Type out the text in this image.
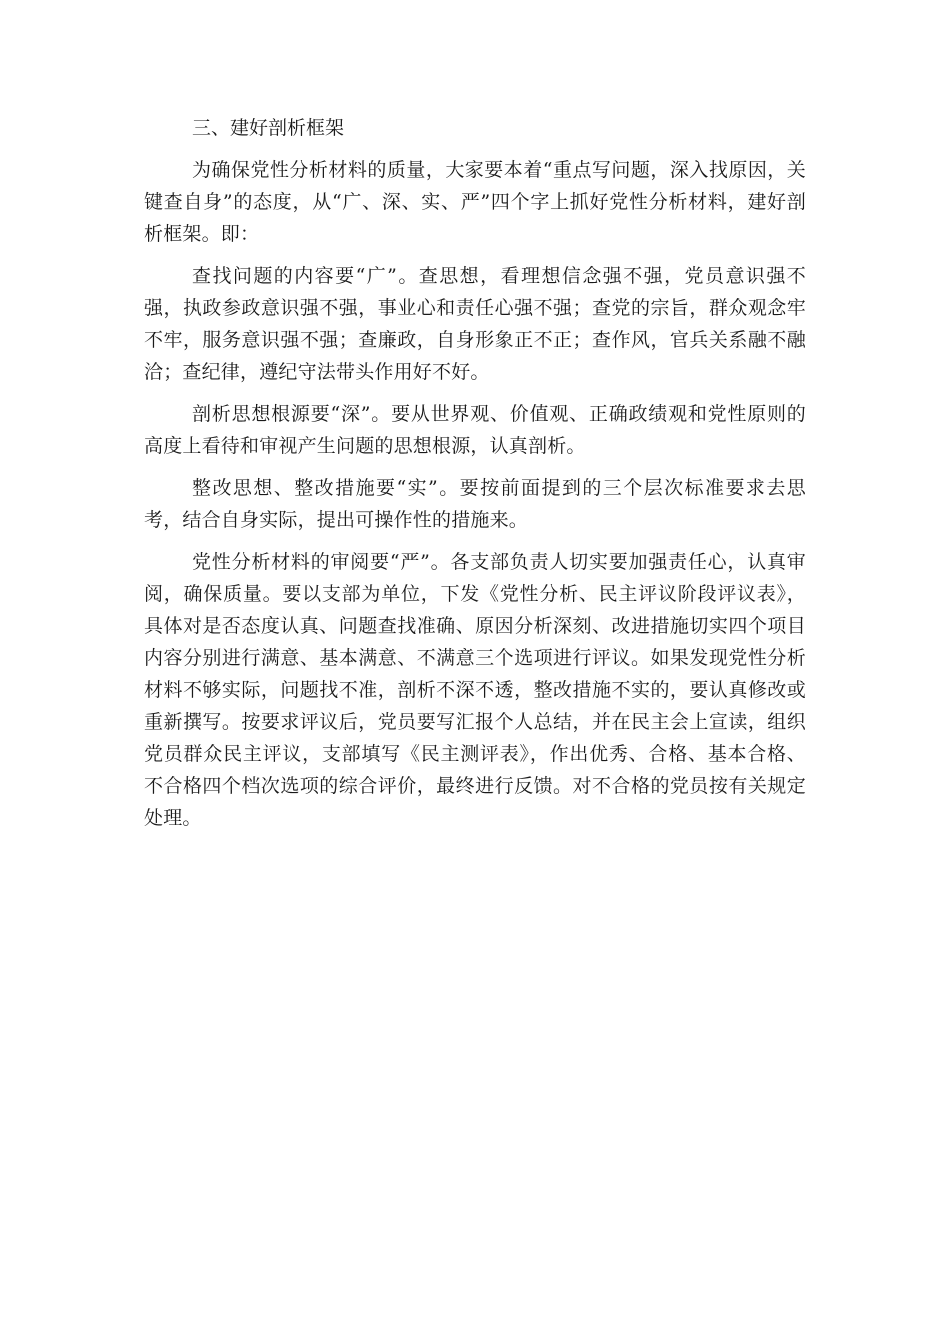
三、建好剖析框架

为确保党性分析材料的质量，大家要本着“重点写问题，深入找原因，关键查自身”的态度，从“广、深、实、严”四个字上抓好党性分析材料，建好剖析框架。即：

查找问题的内容要“广”。查思想，看理想信念强不强，党员意识强不强，执政参政意识强不强，事业心和责任心强不强；查党的宗旨，群众观念牢不牢，服务意识强不强；查廉政，自身形象正不正；查作风，官兵关系融不融洽；查纪律，遵纪守法带头作用好不好。

剖析思想根源要“深”。要从世界观、价值观、正确政绩观和党性原则的高度上看待和审视产生问题的思想根源，认真剖析。

整改思想、整改措施要“实”。要按前面提到的三个层次标准要求去思考，结合自身实际，提出可操作性的措施来。

党性分析材料的审阅要“严”。各支部负责人切实要加强责任心，认真审阅，确保质量。要以支部为单位，下发《党性分析、民主评议阶段评议表》，具体对是否态度认真、问题查找准确、原因分析深刻、改进措施切实四个项目内容分别进行满意、基本满意、不满意三个选项进行评议。如果发现党性分析材料不够实际，问题找不准，剖析不深不透，整改措施不实的，要认真修改或重新撰写。按要求评议后，党员要写汇报个人总结，并在民主会上宣读，组织党员群众民主评议，支部填写《民主测评表》，作出优秀、合格、基本合格、不合格四个档次选项的综合评价，最终进行反馈。对不合格的党员按有关规定处理。
